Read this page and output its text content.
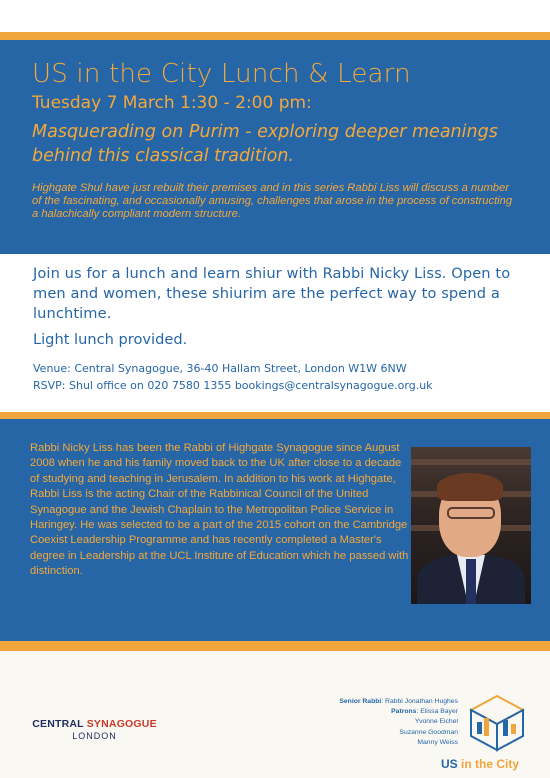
US in the City Lunch & Learn
Tuesday 7 March 1:30 - 2:00 pm:
Masquerading on Purim - exploring deeper meanings behind this classical tradition.
Highgate Shul have just rebuilt their premises and in this series Rabbi Liss will discuss a number of the fascinating, and occasionally amusing, challenges that arose in the process of constructing a halachically compliant modern structure.
Join us for a lunch and learn shiur with Rabbi Nicky Liss. Open to men and women, these shiurim are the perfect way to spend a lunchtime.
Light lunch provided.
Venue: Central Synagogue, 36-40 Hallam Street, London W1W 6NW
RSVP: Shul office on 020 7580 1355 bookings@centralsynagogue.org.uk

Rabbi Nicky Liss has been the Rabbi of Highgate Synagogue since August 2008 when he and his family moved back to the UK after close to a decade of studying and teaching in Jerusalem. In addition to his work at Highgate, Rabbi Liss is the acting Chair of the Rabbinical Council of the United Synagogue and the Jewish Chaplain to the Metropolitan Police Service in Haringey. He was selected to be a part of the 2015 cohort on the Cambridge Coexist Leadership Programme and has recently completed a Master's degree in Leadership at the UCL Institute of Education which he passed with distinction.

CENTRAL SYNAGOGUE
LONDON
Senior Rabbi: Rabbi Jonathan Hughes
Patrons: Elissa Bayer
Yvonne Eichel
Suzanne Goodman
Manny Weiss
US in the City
